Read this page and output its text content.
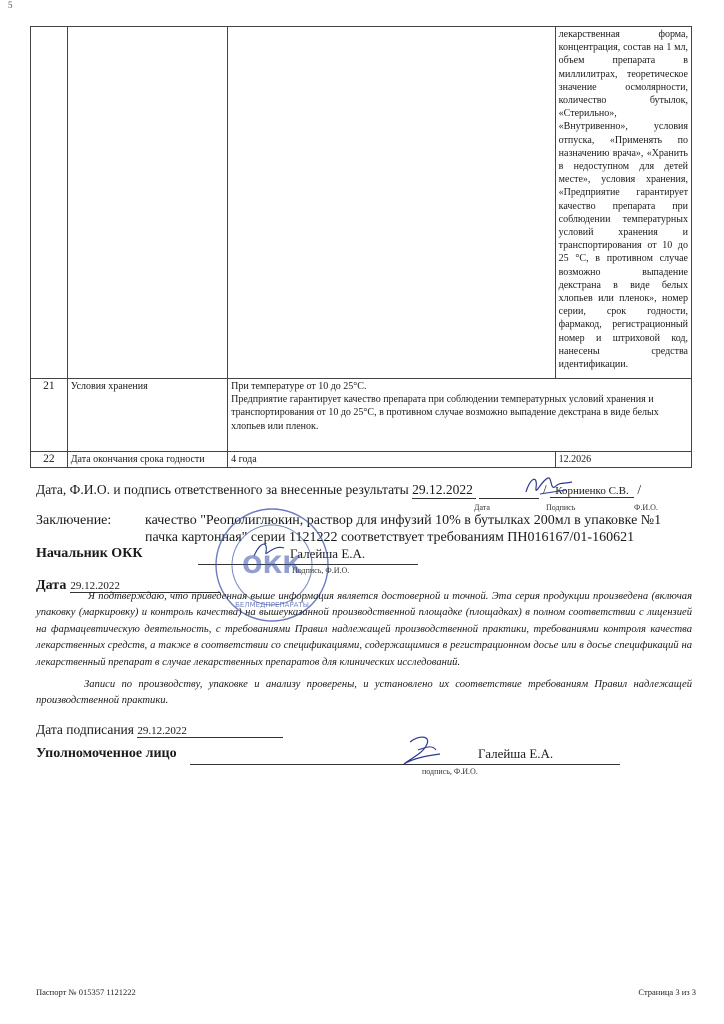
5
			лекарственная форма, концентрация, состав на 1 мл, объем препарата в миллилитрах, теоретическое значение осмолярности, количество бутылок, «Стерильно», «Внутривенно», условия отпуска, «Применять по назначению врача», «Хранить в недоступном для детей месте», условия хранения, «Предприятие гарантирует качество препарата при соблюдении температурных условий хранения и транспортирования от 10 до 25 °С, в противном случае возможно выпадение декстрана в виде белых хлопьев или пленок», номер серии, срок годности, фармакод, регистрационный номер и штриховой код, нанесены средства идентификации.
21	Условия хранения	При температуре от 10 до 25°С.
Предприятие гарантирует качество препарата при соблюдении температурных условий хранения и транспортирования от 10 до 25°С, в противном случае возможно выпадение декстрана в виде белых хлопьев или пленок.	

22	Дата окончания срока годности	4 года	12.2026
Дата, Ф.И.О. и подпись ответственного за внесенные результаты 29.12.2022	/ Корниенко С.В. /
Дата	Подпись	Ф.И.О.
Заключение: качество "Реополиглюкин, раствор для инфузий 10% в бутылках 200мл в упаковке №1
пачка картонная" серии 1121222 соответствует требованиям ПН016167/01-160621
Начальник ОКК	Галейша Е.А.
Подпись, Ф.И.О.
Дата 29.12.2022
ОКК
БЕЛМЕДПРЕПАРАТЫ
Я подтверждаю, что приведенная выше информация является достоверной и точной. Эта серия продукции произведена (включая упаковку (маркировку) и контроль качества) на вышеуказанной производственной площадке (площадках) в полном соответствии с лицензией на фармацевтическую деятельность, с требованиями Правил надлежащей производственной практики, требованиями контроля качества лекарственных средств, а также в соответствии со спецификациями, содержащимися в регистрационном досье или в досье спецификаций на лекарственный препарат в случае лекарственных препаратов для клинических исследований.
Записи по производству, упаковке и анализу проверены, и установлено их соответствие требованиям Правил надлежащей производственной практики.
Дата подписания 29.12.2022
Уполномоченное лицо	Галейша Е.А.
подпись, Ф.И.О.
Паспорт № 015357 1121222	Страница 3 из 3
